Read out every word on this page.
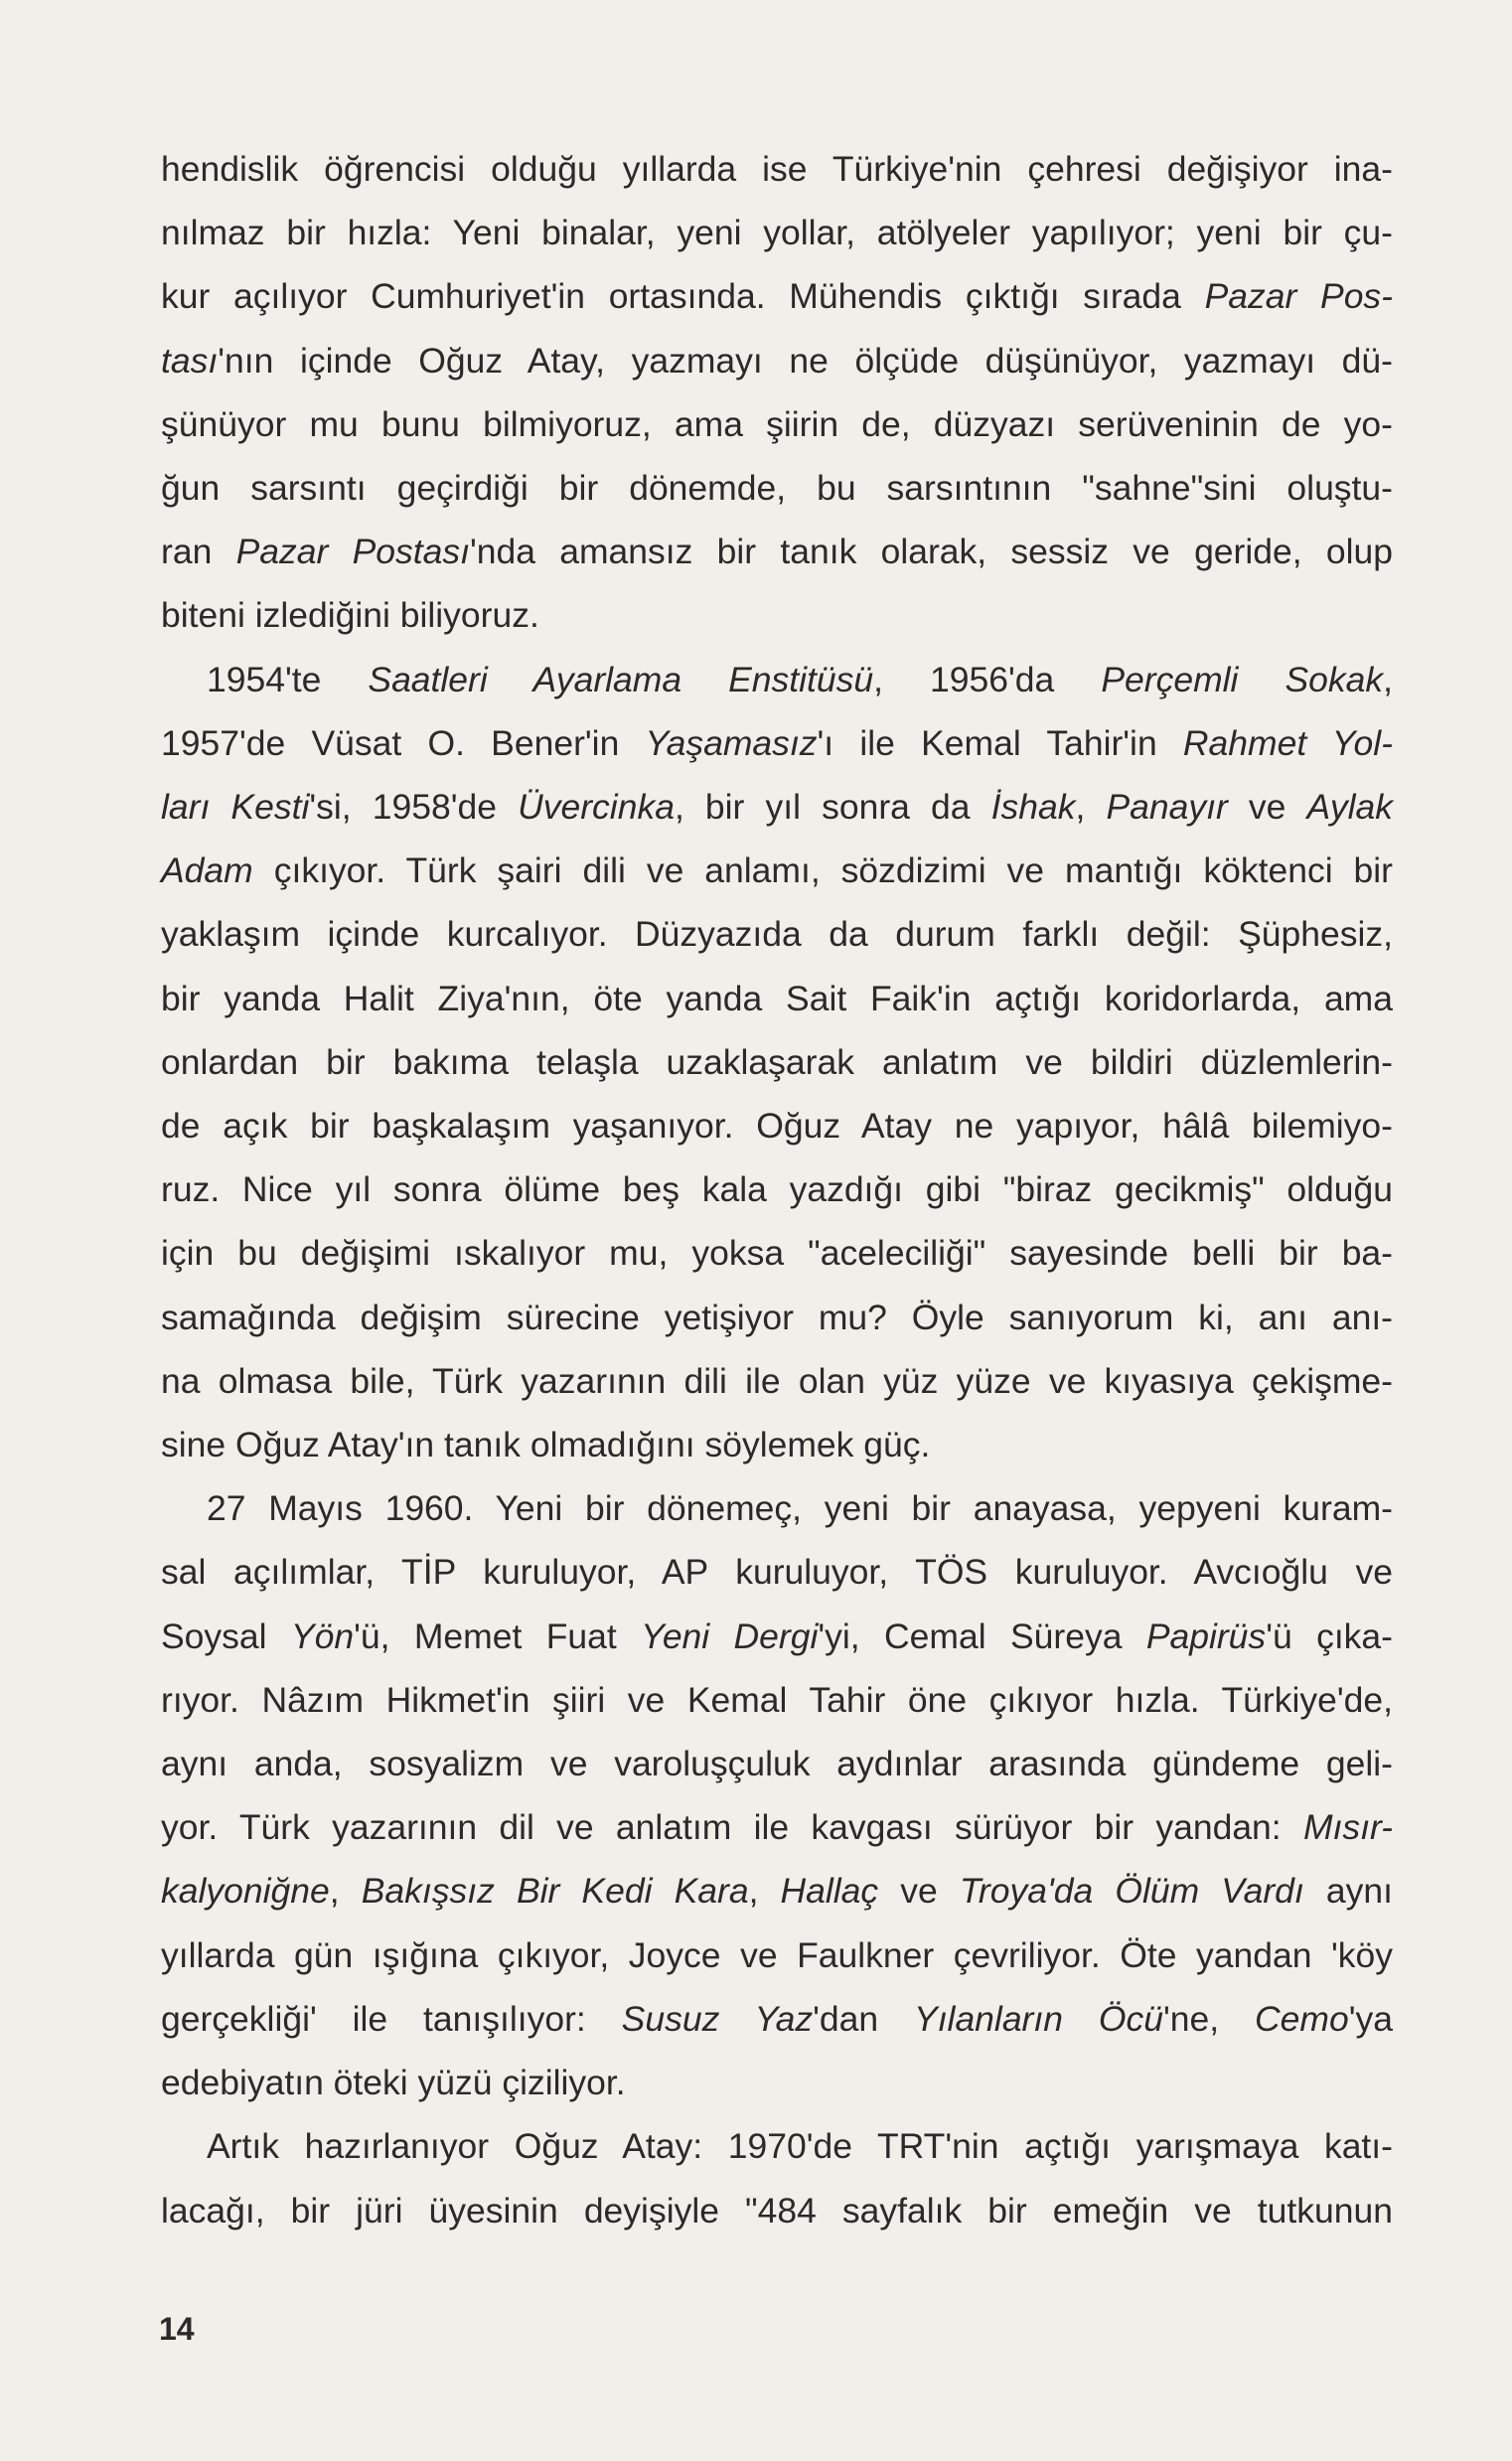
hendislik öğrencisi olduğu yıllarda ise Türkiye'nin çehresi değişiyor ina-
nılmaz bir hızla: Yeni binalar, yeni yollar, atölyeler yapılıyor; yeni bir çu-
kur açılıyor Cumhuriyet'in ortasında. Mühendis çıktığı sırada Pazar Pos-
tası'nın içinde Oğuz Atay, yazmayı ne ölçüde düşünüyor, yazmayı dü-
şünüyor mu bunu bilmiyoruz, ama şiirin de, düzyazı serüveninin de yo-
ğun sarsıntı geçirdiği bir dönemde, bu sarsıntının "sahne"sini oluştu-
ran Pazar Postası'nda amansız bir tanık olarak, sessiz ve geride, olup
biteni izlediğini biliyoruz.
1954'te Saatleri Ayarlama Enstitüsü, 1956'da Perçemli Sokak,
1957'de Vüsat O. Bener'in Yaşamasız'ı ile Kemal Tahir'in Rahmet Yol-
ları Kesti'si, 1958'de Üvercinka, bir yıl sonra da İshak, Panayır ve Aylak
Adam çıkıyor. Türk şairi dili ve anlamı, sözdizimi ve mantığı köktenci bir
yaklaşım içinde kurcalıyor. Düzyazıda da durum farklı değil: Şüphesiz,
bir yanda Halit Ziya'nın, öte yanda Sait Faik'in açtığı koridorlarda, ama
onlardan bir bakıma telaşla uzaklaşarak anlatım ve bildiri düzlemlerin-
de açık bir başkalaşım yaşanıyor. Oğuz Atay ne yapıyor, hâlâ bilemiyo-
ruz. Nice yıl sonra ölüme beş kala yazdığı gibi "biraz gecikmiş" olduğu
için bu değişimi ıskalıyor mu, yoksa "aceleciliği" sayesinde belli bir ba-
samağında değişim sürecine yetişiyor mu? Öyle sanıyorum ki, anı anı-
na olmasa bile, Türk yazarının dili ile olan yüz yüze ve kıyasıya çekişme-
sine Oğuz Atay'ın tanık olmadığını söylemek güç.
27 Mayıs 1960. Yeni bir dönemeç, yeni bir anayasa, yepyeni kuram-
sal açılımlar, TİP kuruluyor, AP kuruluyor, TÖS kuruluyor. Avcıoğlu ve
Soysal Yön'ü, Memet Fuat Yeni Dergi'yi, Cemal Süreya Papirüs'ü çıka-
rıyor. Nâzım Hikmet'in şiiri ve Kemal Tahir öne çıkıyor hızla. Türkiye'de,
aynı anda, sosyalizm ve varoluşçuluk aydınlar arasında gündeme geli-
yor. Türk yazarının dil ve anlatım ile kavgası sürüyor bir yandan: Mısır-
kalyoniğne, Bakışsız Bir Kedi Kara, Hallaç ve Troya'da Ölüm Vardı aynı
yıllarda gün ışığına çıkıyor, Joyce ve Faulkner çevriliyor. Öte yandan 'köy
gerçekliği' ile tanışılıyor: Susuz Yaz'dan Yılanların Öcü'ne, Cemo'ya
edebiyatın öteki yüzü çiziliyor.
Artık hazırlanıyor Oğuz Atay: 1970'de TRT'nin açtığı yarışmaya katı-
lacağı, bir jüri üyesinin deyişiyle "484 sayfalık bir emeğin ve tutkunun
14
